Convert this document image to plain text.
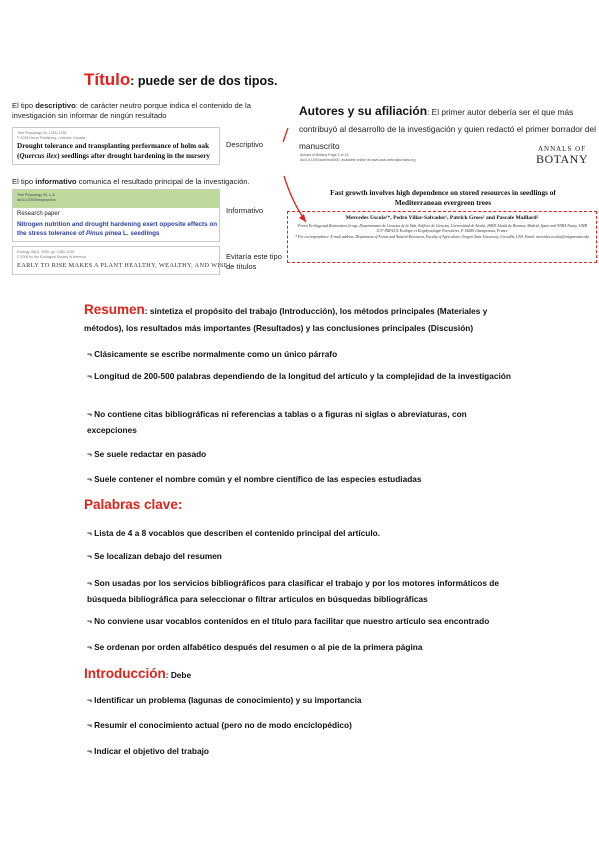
Título: puede ser de dos tipos.
El tipo descriptivo: de carácter neutro porque indica el contenido de la investigación sin informar de ningún resultado
Tree Physiology 00, 1225–1238
© 2004 Heron Publishing—Victoria, Canada
Drought tolerance and transplanting performance of holm oak (Quercus ilex) seedlings after drought hardening in the nursery
Descriptivo
El tipo informativo comunica el resultado principal de la investigación.
Tree Physiology 00, 1–8
doi:10.1093/treephys/xxx
Research paper
Nitrogen nutrition and drought hardening exert opposite effects on the stress tolerance of Pinus pinea L. seedlings
Informativo
Ecology, 88(1), 2006, pp. 1083–1093
© 2006 by the Ecological Society of America
EARLY TO RISE MAKES A PLANT HEALTHY, WEALTHY, AND WISE
Evitaría este tipo de títulos
Autores y su afiliación: El primer autor debería ser el que más contribuyó al desarrollo de la investigación y quien redactó el primer borrador del manuscrito
Annals of Botany Page 1 of 13
doi:10.1093/aob/mcs000, available online at www.aob.oxfordjournals.org
ANNALS OF
BOTANY
Fast growth involves high dependence on stored resources in seedlings of Mediterranean evergreen trees
Mercedes Uscola¹*, Pedro Villar-Salvador¹, Patrick Gross² and Pascale Maillard²
¹Forest Ecology and Restoration Group, Departamento de Ciencias de la Vida, Edificio de Ciencias, Universidad de Alcalá, 28805 Alcalá de Henares, Madrid, Spain and ²INRA Nancy, UMR 1137 INRA/UL Ecologie et Ecophysiologie Forestières, F-54280 Champenoux, France
* For correspondence. E-mail address, Department of Forest and Natural Resources, Faculty of Agriculture, Oregon State University, Corvallis, USA. Email: mercedes.uscola@oregonstate.edu
Resumen: sintetiza el propósito del trabajo (Introducción), los métodos principales (Materiales y métodos), los resultados más importantes (Resultados) y las conclusiones principales (Discusión)
¬ Clásicamente se escribe normalmente como un único párrafo
¬ Longitud de 200-500 palabras dependiendo de la longitud del artículo y la complejidad de la investigación
¬ No contiene citas bibliográficas ni referencias a tablas o a figuras ni siglas o abreviaturas, con excepciones
¬ Se suele redactar en pasado
¬ Suele contener el nombre común y el nombre científico de las especies estudiadas
Palabras clave:
¬ Lista de 4 a 8 vocablos que describen el contenido principal del artículo.
¬ Se localizan debajo del resumen
¬ Son usadas por los servicios bibliográficos para clasificar el trabajo y por los motores informáticos de búsqueda bibliográfica para seleccionar o filtrar artículos en búsquedas bibliográficas
¬ No conviene usar vocablos contenidos en el título para facilitar que nuestro artículo sea encontrado
¬ Se ordenan por orden alfabético después del resumen o al pie de la primera página
Introducción: Debe
¬ Identificar un problema (lagunas de conocimiento) y su importancia
¬ Resumir el conocimiento actual (pero no de modo enciclopédico)
¬ Indicar el objetivo del trabajo
